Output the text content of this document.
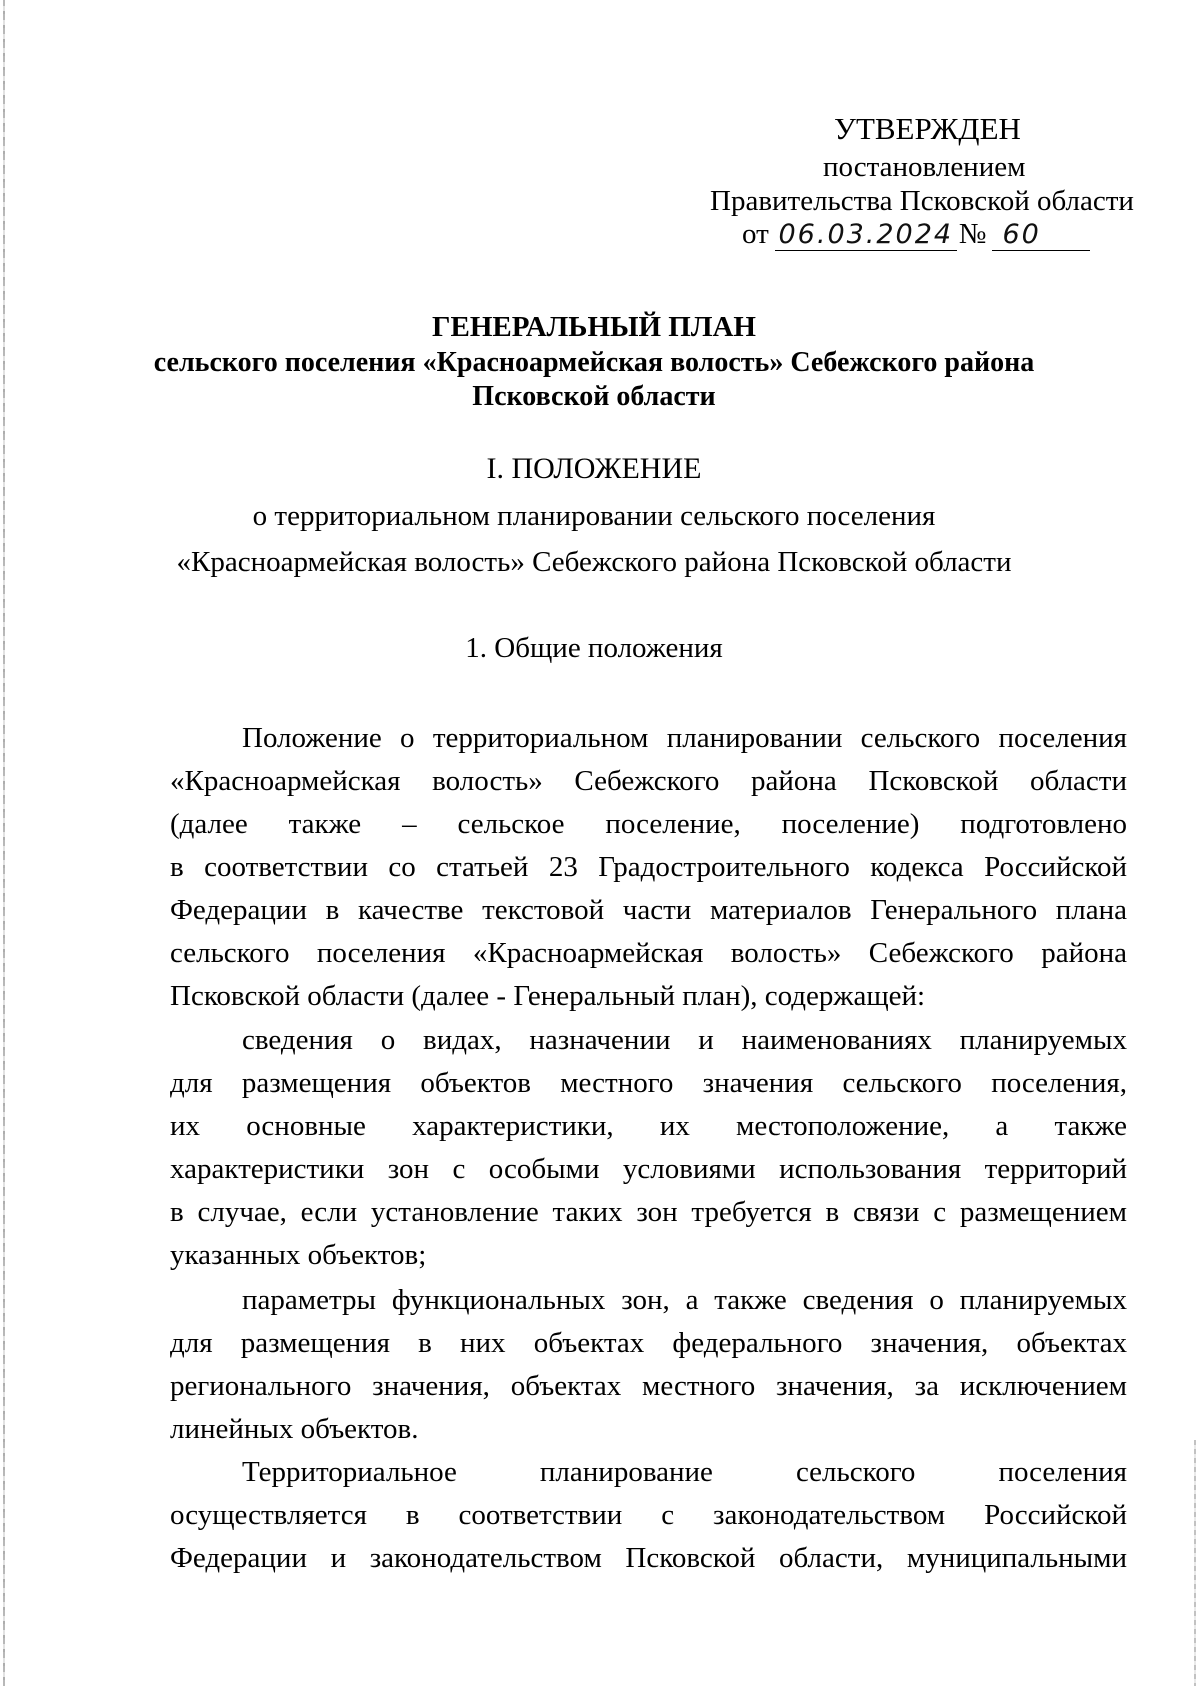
УТВЕРЖДЕН
постановлением
Правительства Псковской области
от 06.03.2024 № 60
ГЕНЕРАЛЬНЫЙ ПЛАН
сельского поселения «Красноармейская волость» Себежского района
Псковской области
I. ПОЛОЖЕНИЕ
о территориальном планировании сельского поселения
«Красноармейская волость» Себежского района Псковской области
1. Общие положения
Положение о территориальном планировании сельского поселения
«Красноармейская волость» Себежского района Псковской области
(далее также – сельское поселение, поселение) подготовлено
в соответствии со статьей 23 Градостроительного кодекса Российской
Федерации в качестве текстовой части материалов Генерального плана
сельского поселения «Красноармейская волость» Себежского района
Псковской области (далее - Генеральный план), содержащей:
сведения о видах, назначении и наименованиях планируемых
для размещения объектов местного значения сельского поселения,
их основные характеристики, их местоположение, а также
характеристики зон с особыми условиями использования территорий
в случае, если установление таких зон требуется в связи с размещением
указанных объектов;
параметры функциональных зон, а также сведения о планируемых
для размещения в них объектах федерального значения, объектах
регионального значения, объектах местного значения, за исключением
линейных объектов.
Территориальное планирование сельского поселения
осуществляется в соответствии с законодательством Российской
Федерации и законодательством Псковской области, муниципальными
